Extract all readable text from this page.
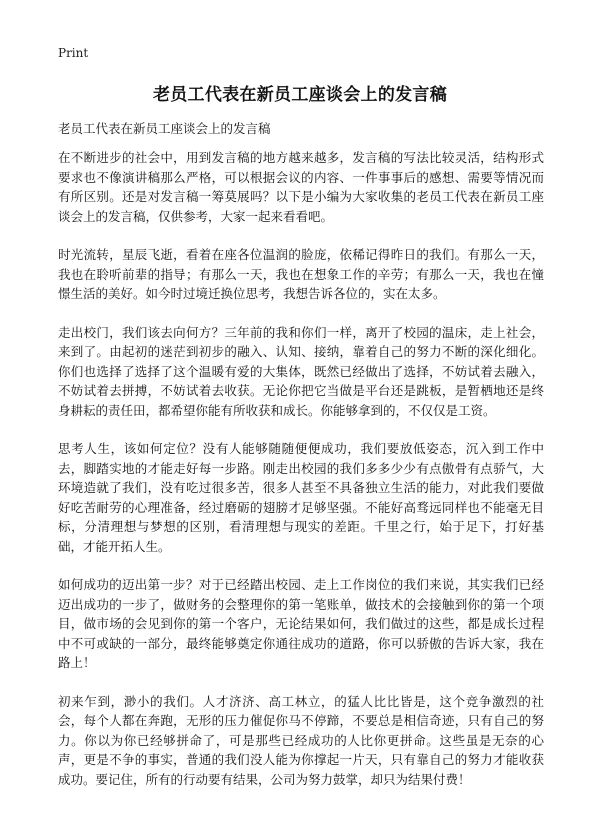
Print
老员工代表在新员工座谈会上的发言稿

老员工代表在新员工座谈会上的发言稿

在不断进步的社会中，用到发言稿的地方越来越多，发言稿的写法比较灵活，结构形式要求也不像演讲稿那么严格，可以根据会议的内容、一件事事后的感想、需要等情况而有所区别。还是对发言稿一筹莫展吗？以下是小编为大家收集的老员工代表在新员工座谈会上的发言稿，仅供参考，大家一起来看看吧。

时光流转，星辰飞逝，看着在座各位温润的脸庞，依稀记得昨日的我们。有那么一天，我也在聆听前辈的指导；有那么一天，我也在想象工作的辛劳；有那么一天，我也在憧憬生活的美好。如今时过境迁换位思考，我想告诉各位的，实在太多。

走出校门，我们该去向何方？三年前的我和你们一样，离开了校园的温床，走上社会，来到了。由起初的迷茫到初步的融入、认知、接纳，靠着自己的努力不断的深化细化。你们也选择了选择了这个温暖有爱的大集体，既然已经做出了选择，不妨试着去融入，不妨试着去拼搏，不妨试着去收获。无论你把它当做是平台还是跳板，是暂栖地还是终身耕耘的责任田，都希望你能有所收获和成长。你能够拿到的，不仅仅是工资。

思考人生，该如何定位？没有人能够随随便便成功，我们要放低姿态，沉入到工作中去，脚踏实地的才能走好每一步路。刚走出校园的我们多多少少有点傲骨有点骄气，大环境造就了我们，没有吃过很多苦，很多人甚至不具备独立生活的能力，对此我们要做好吃苦耐劳的心理准备，经过磨砺的翅膀才足够坚强。不能好高骛远同样也不能毫无目标，分清理想与梦想的区别，看清理想与现实的差距。千里之行，始于足下，打好基础，才能开拓人生。

如何成功的迈出第一步？对于已经踏出校园、走上工作岗位的我们来说，其实我们已经迈出成功的一步了，做财务的会整理你的第一笔账单，做技术的会接触到你的第一个项目，做市场的会见到你的第一个客户，无论结果如何，我们做过的这些，都是成长过程中不可或缺的一部分，最终能够奠定你通往成功的道路，你可以骄傲的告诉大家，我在路上！

初来乍到，渺小的我们。人才济济、高工林立，的猛人比比皆是，这个竞争激烈的社会，每个人都在奔跑，无形的压力催促你马不停蹄，不要总是相信奇迹，只有自己的努力。你以为你已经够拼命了，可是那些已经成功的人比你更拼命。这些虽是无奈的心声，更是不争的事实，普通的我们没人能为你撑起一片天，只有靠自己的努力才能收获成功。要记住，所有的行动要有结果，公司为努力鼓掌，却只为结果付费！
